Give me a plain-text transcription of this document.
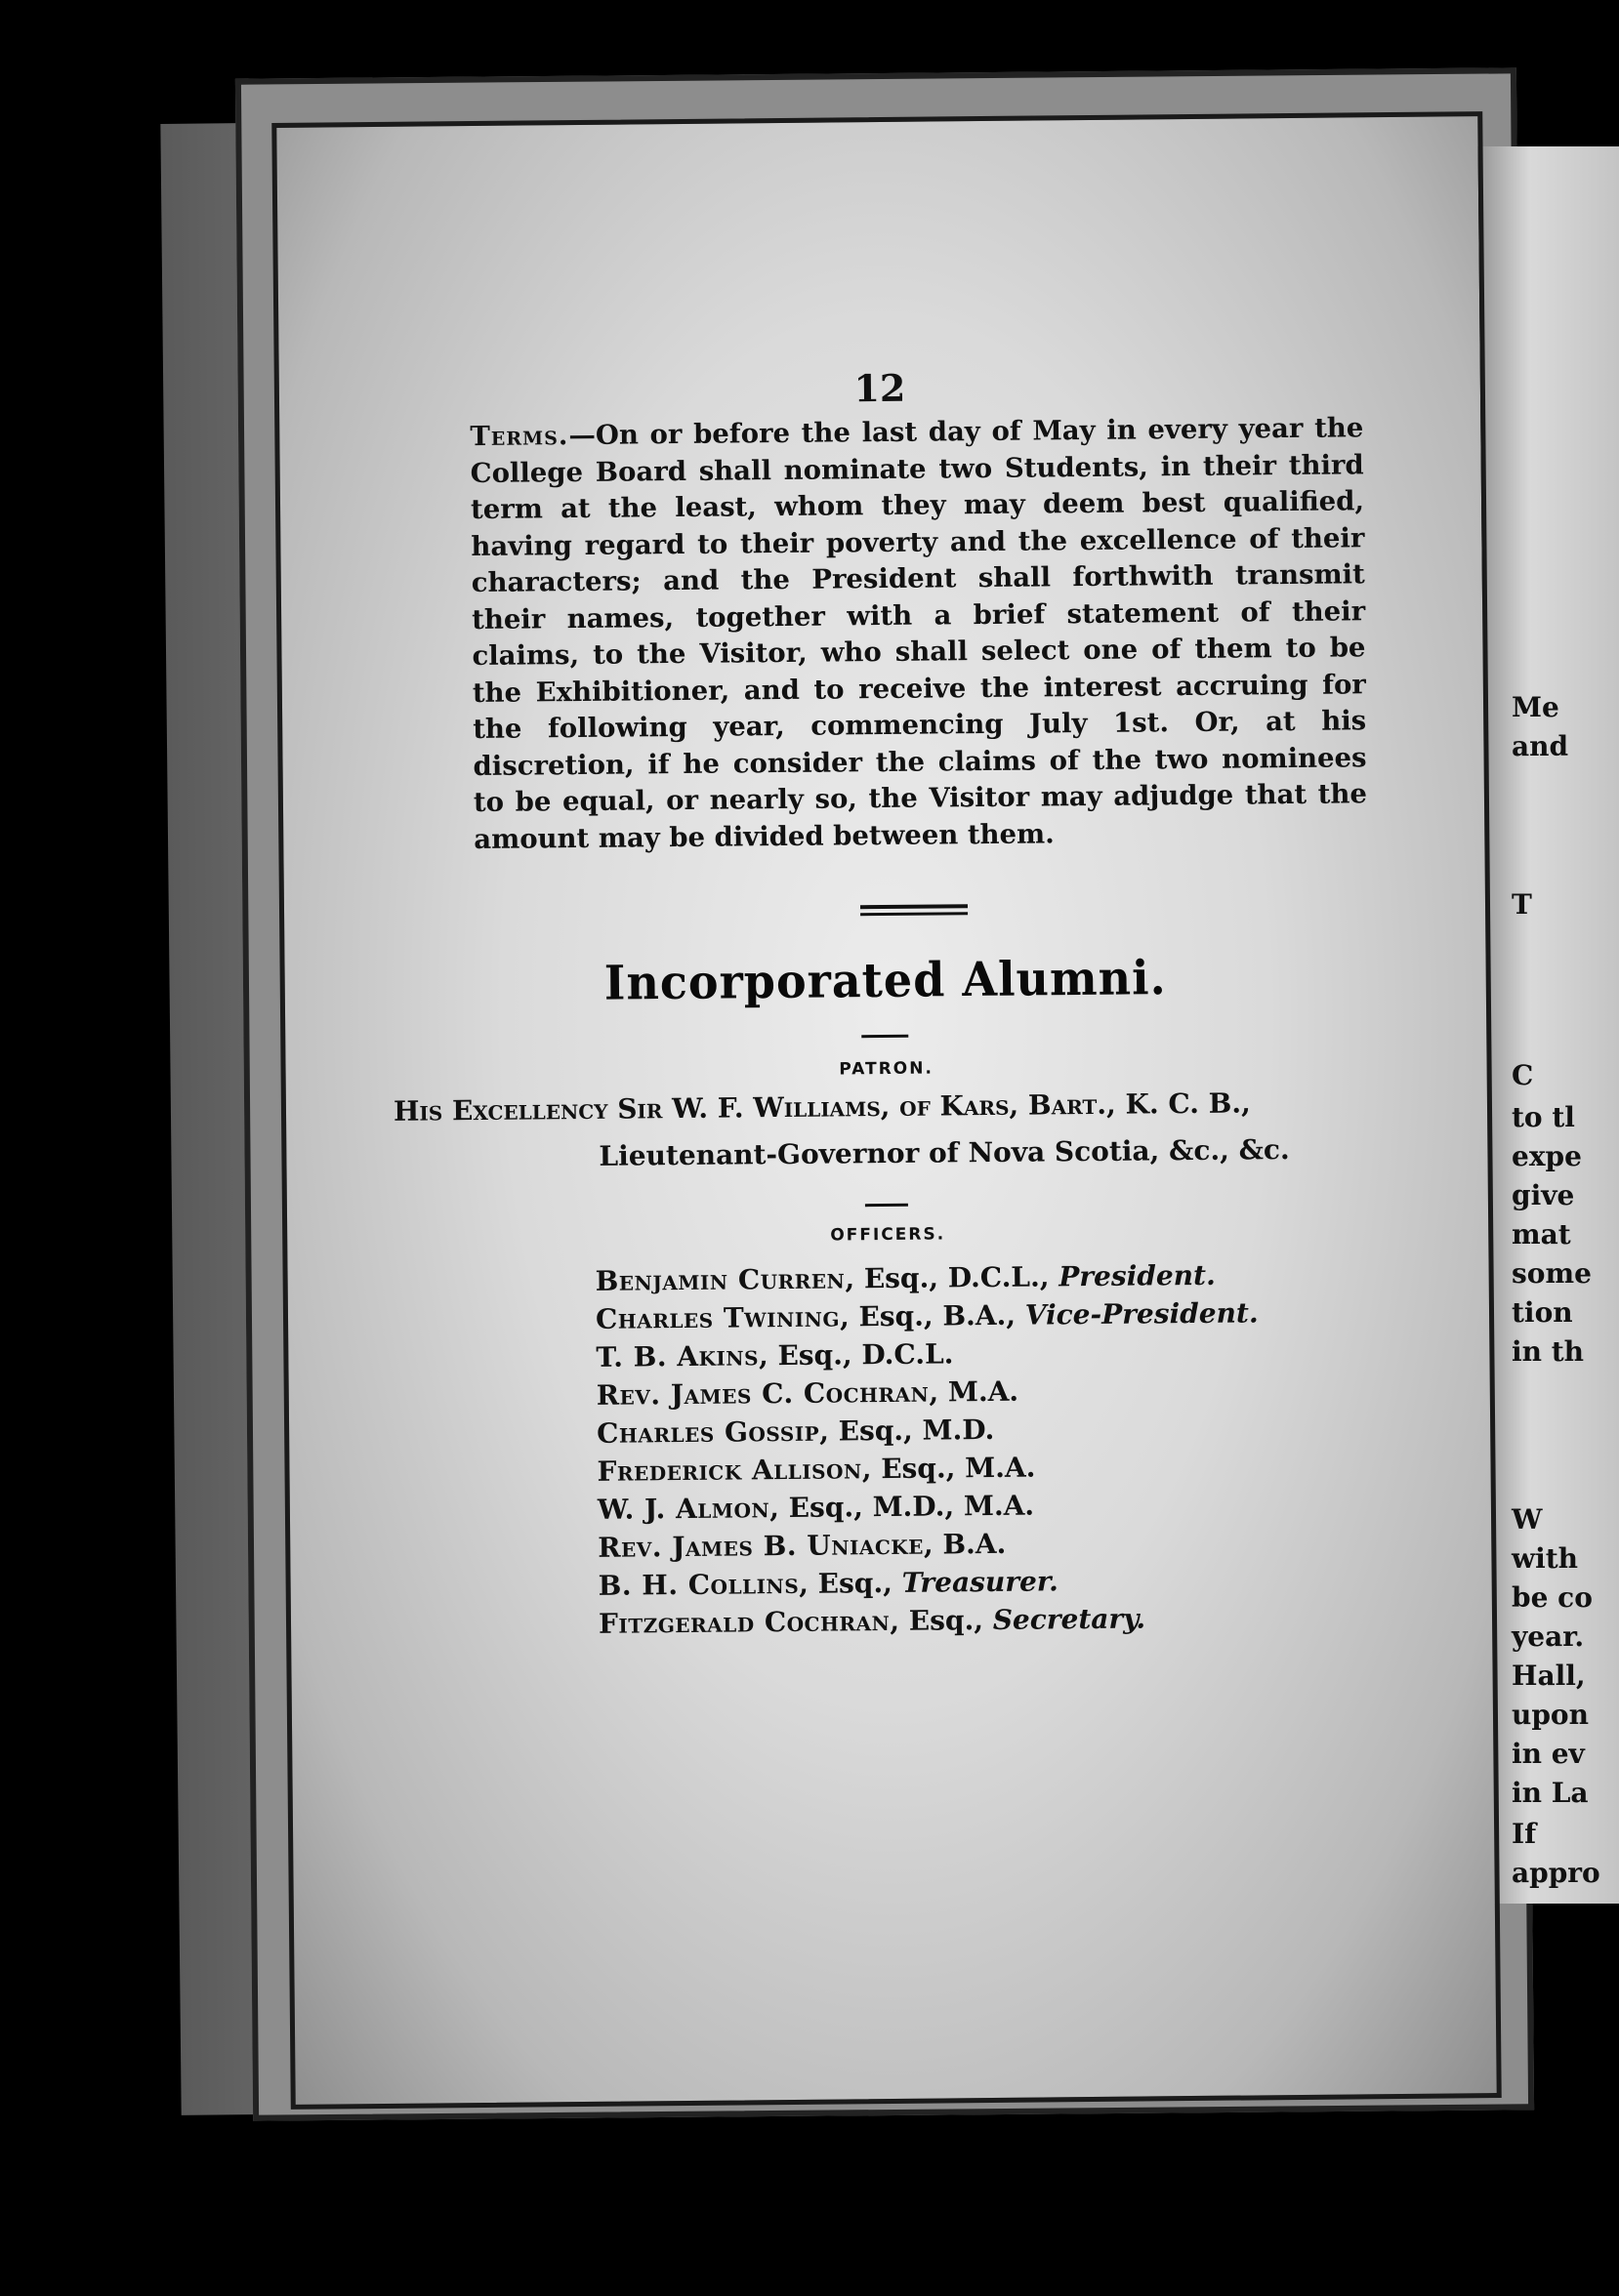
Me
and
T
C
to tl
expe
give
mat
some
tion
in th
W
with
be co
year.
Hall,
upon
in ev
in La
If
appro
12
Terms.—On or before the last day of May in every year the College Board shall nominate two Students, in their third term at the least, whom they may deem best qualified, having regard to their poverty and the excellence of their characters; and the President shall forthwith transmit their names, together with a brief statement of their claims, to the Visitor, who shall select one of them to be the Exhibitioner, and to receive the interest accruing for the following year, commencing July 1st. Or, at his discretion, if he consider the claims of the two nominees to be equal, or nearly so, the Visitor may adjudge that the amount may be divided between them.
Incorporated Alumni.
PATRON.
His Excellency Sir W. F. Williams, of Kars, Bart., K. C. B.,
Lieutenant-Governor of Nova Scotia, &c., &c.
OFFICERS.
Benjamin Curren, Esq., D.C.L., President.
Charles Twining, Esq., B.A., Vice-President.
T. B. Akins, Esq., D.C.L.
Rev. James C. Cochran, M.A.
Charles Gossip, Esq., M.D.
Frederick Allison, Esq., M.A.
W. J. Almon, Esq., M.D., M.A.
Rev. James B. Uniacke, B.A.
B. H. Collins, Esq., Treasurer.
Fitzgerald Cochran, Esq., Secretary.
